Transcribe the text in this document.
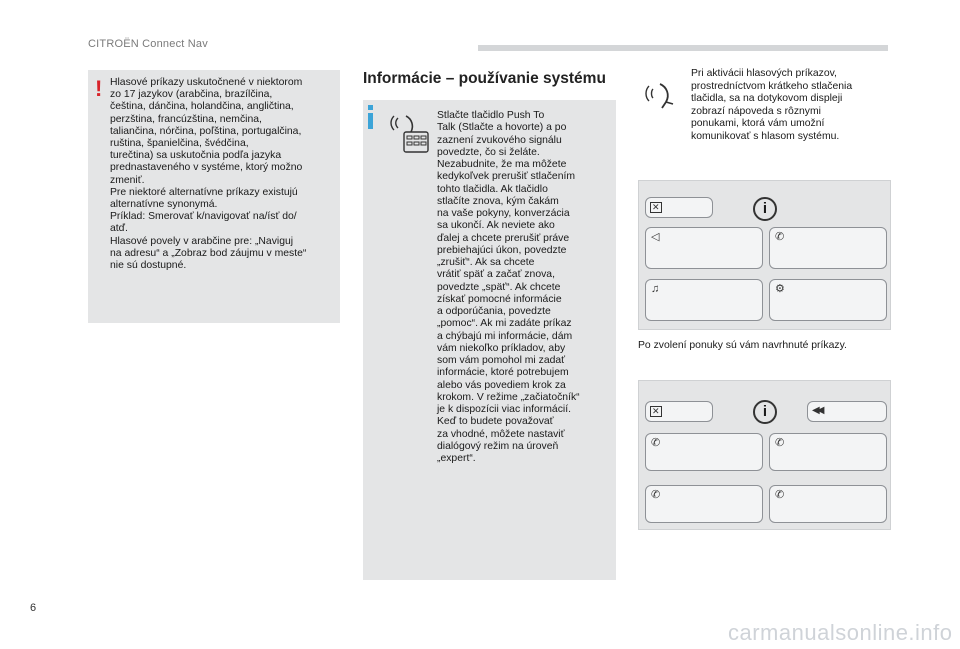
CITROËN Connect Nav
! Hlasové príkazy uskutočnené v niektorom
zo 17 jazykov (arabčina, brazílčina,
čeština, dánčina, holandčina, angličtina,
perzština, francúzština, nemčina,
taliančina, nórčina, poľština, portugalčina,
ruština, španielčina, švédčina,
turečtina) sa uskutočnia podľa jazyka
prednastaveného v systéme, ktorý možno
zmeniť.
Pre niektoré alternatívne príkazy existujú
alternatívne synonymá.
Príklad: Smerovať k/navigovať na/ísť do/
atď.
Hlasové povely v arabčine pre: „Naviguj
na adresu“ a „Zobraz bod záujmu v meste“
nie sú dostupné.
Informácie – používanie systému
Stlačte tlačidlo Push To
Talk (Stlačte a hovorte) a po
zaznení zvukového signálu
povedzte, čo si želáte.
Nezabudnite, že ma môžete
kedykoľvek prerušiť stlačením
tohto tlačidla. Ak tlačidlo
stlačíte znova, kým čakám
na vaše pokyny, konverzácia
sa ukončí. Ak neviete ako
ďalej a chcete prerušiť práve
prebiehajúci úkon, povedzte
„zrušiť“. Ak sa chcete
vrátiť späť a začať znova,
povedzte „späť“. Ak chcete
získať pomocné informácie
a odporúčania, povedzte
„pomoc“. Ak mi zadáte príkaz
a chýbajú mi informácie, dám
vám niekoľko príkladov, aby
som vám pomohol mi zadať
informácie, ktoré potrebujem
alebo vás povediem krok za
krokom. V režime „začiatočník“
je k dispozícii viac informácií.
Keď to budete považovať
za vhodné, môžete nastaviť
dialógový režim na úroveň
„expert“.
Pri aktivácii hlasových príkazov,
prostredníctvom krátkeho stlačenia
tlačidla, sa na dotykovom displeji
zobrazí nápoveda s rôznymi
ponukami, ktorá vám umožní
komunikovať s hlasom systému.
✕	i
◁	✆
♫	⚙
Po zvolení ponuky sú vám navrhnuté príkazy.
✕	i	◀◀
✆	✆
✆	✆
6
carmanualsonline.info
